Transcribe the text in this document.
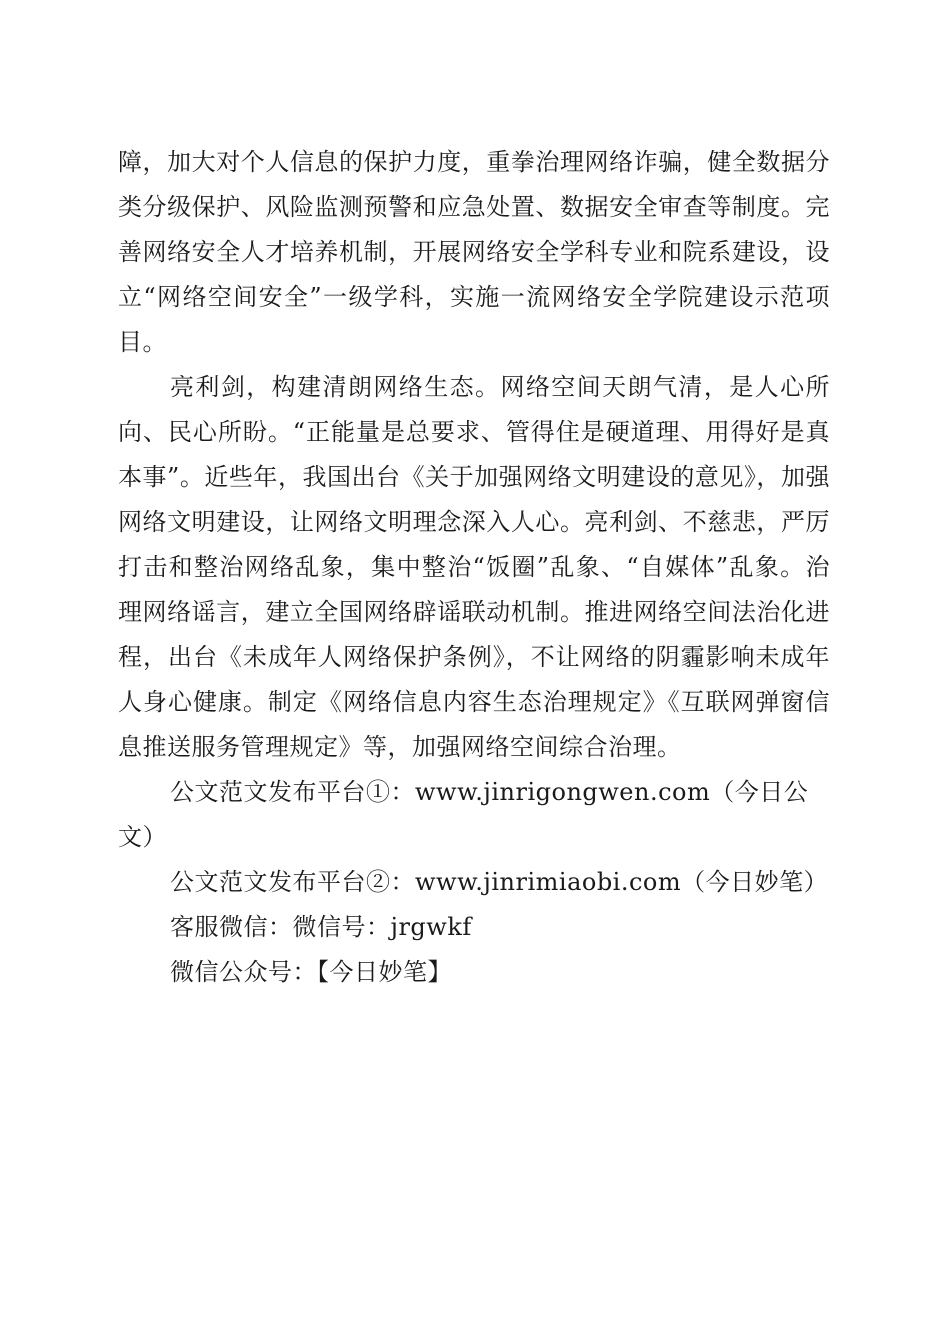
障，加大对个人信息的保护力度，重拳治理网络诈骗，健全数据分类分级保护、风险监测预警和应急处置、数据安全审查等制度。完善网络安全人才培养机制，开展网络安全学科专业和院系建设，设立“网络空间安全”一级学科，实施一流网络安全学院建设示范项目。

亮利剑，构建清朗网络生态。网络空间天朗气清，是人心所向、民心所盼。“正能量是总要求、管得住是硬道理、用得好是真本事”。近些年，我国出台《关于加强网络文明建设的意见》，加强网络文明建设，让网络文明理念深入人心。亮利剑、不慈悲，严厉打击和整治网络乱象，集中整治“饭圈”乱象、“自媒体”乱象。治理网络谣言，建立全国网络辟谣联动机制。推进网络空间法治化进程，出台《未成年人网络保护条例》，不让网络的阴霾影响未成年人身心健康。制定《网络信息内容生态治理规定》《互联网弹窗信息推送服务管理规定》等，加强网络空间综合治理。

公文范文发布平台①：www.jinrigongwen.com（今日公文）

公文范文发布平台②：www.jinrimiaobi.com（今日妙笔）

客服微信：微信号：jrgwkf

微信公众号：【今日妙笔】
